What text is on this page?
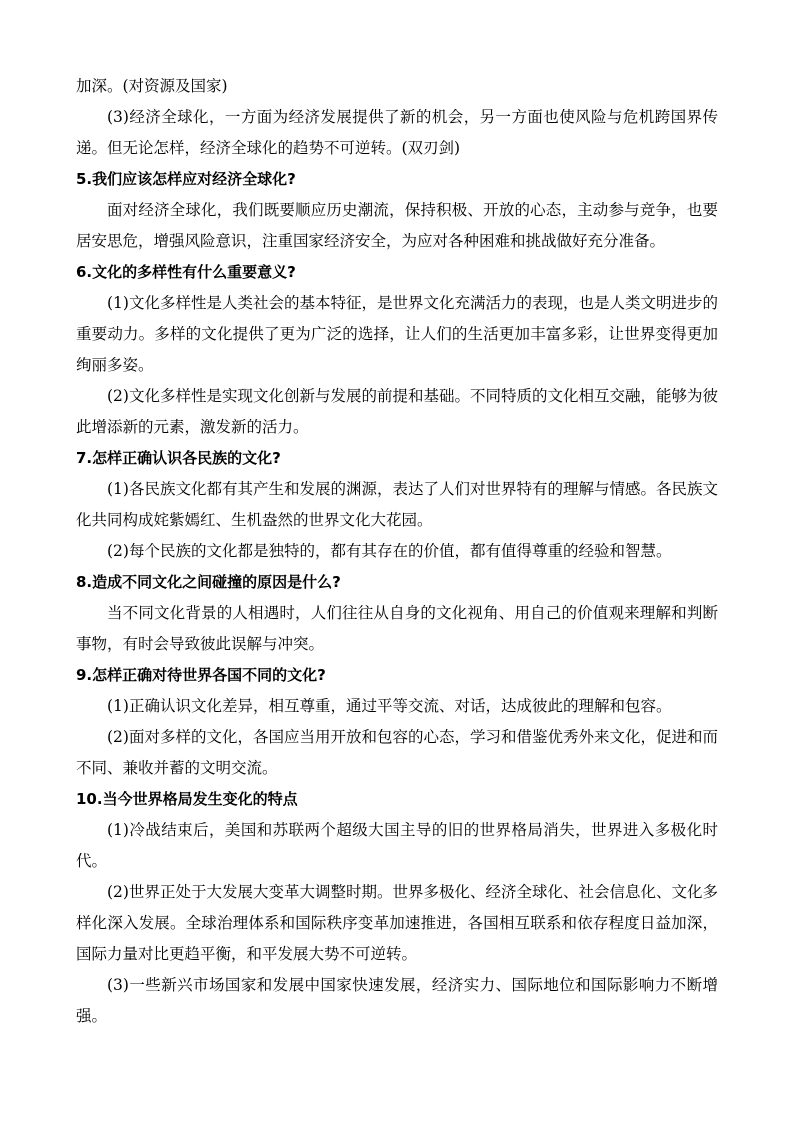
加深。(对资源及国家)

(3)经济全球化，一方面为经济发展提供了新的机会，另一方面也使风险与危机跨国界传递。但无论怎样，经济全球化的趋势不可逆转。(双刃剑)

5.我们应该怎样应对经济全球化?

面对经济全球化，我们既要顺应历史潮流，保持积极、开放的心态，主动参与竞争，也要居安思危，增强风险意识，注重国家经济安全，为应对各种困难和挑战做好充分准备。

6.文化的多样性有什么重要意义?

(1)文化多样性是人类社会的基本特征，是世界文化充满活力的表现，也是人类文明进步的重要动力。多样的文化提供了更为广泛的选择，让人们的生活更加丰富多彩，让世界变得更加绚丽多姿。

(2)文化多样性是实现文化创新与发展的前提和基础。不同特质的文化相互交融，能够为彼此增添新的元素，激发新的活力。

7.怎样正确认识各民族的文化?

(1)各民族文化都有其产生和发展的渊源，表达了人们对世界特有的理解与情感。各民族文化共同构成姹紫嫣红、生机盎然的世界文化大花园。

(2)每个民族的文化都是独特的，都有其存在的价值，都有值得尊重的经验和智慧。

8.造成不同文化之间碰撞的原因是什么?

当不同文化背景的人相遇时，人们往往从自身的文化视角、用自己的价值观来理解和判断事物，有时会导致彼此误解与冲突。

9.怎样正确对待世界各国不同的文化?

(1)正确认识文化差异，相互尊重，通过平等交流、对话，达成彼此的理解和包容。

(2)面对多样的文化，各国应当用开放和包容的心态，学习和借鉴优秀外来文化，促进和而不同、兼收并蓄的文明交流。

10.当今世界格局发生变化的特点

(1)冷战结束后，美国和苏联两个超级大国主导的旧的世界格局消失，世界进入多极化时代。

(2)世界正处于大发展大变革大调整时期。世界多极化、经济全球化、社会信息化、文化多样化深入发展。全球治理体系和国际秩序变革加速推进，各国相互联系和依存程度日益加深，国际力量对比更趋平衡，和平发展大势不可逆转。

(3)一些新兴市场国家和发展中国家快速发展，经济实力、国际地位和国际影响力不断增强。
